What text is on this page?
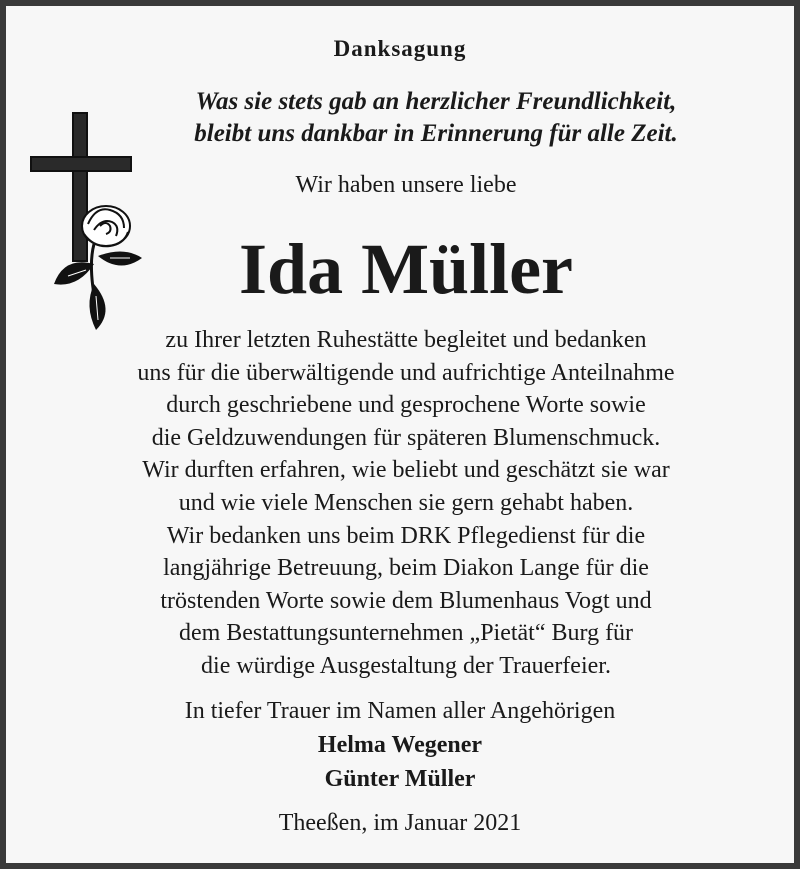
Danksagung
Was sie stets gab an herzlicher Freundlichkeit,
bleibt uns dankbar in Erinnerung für alle Zeit.
Wir haben unsere liebe
Ida Müller
zu Ihrer letzten Ruhestätte begleitet und bedanken
uns für die überwältigende und aufrichtige Anteilnahme
durch geschriebene und gesprochene Worte sowie
die Geldzuwendungen für späteren Blumenschmuck.
Wir durften erfahren, wie beliebt und geschätzt sie war
und wie viele Menschen sie gern gehabt haben.
Wir bedanken uns beim DRK Pflegedienst für die
langjährige Betreuung, beim Diakon Lange für die
tröstenden Worte sowie dem Blumenhaus Vogt und
dem Bestattungsunternehmen „Pietät“ Burg für
die würdige Ausgestaltung der Trauerfeier.
In tiefer Trauer im Namen aller Angehörigen
Helma Wegener
Günter Müller
Theeßen, im Januar 2021
